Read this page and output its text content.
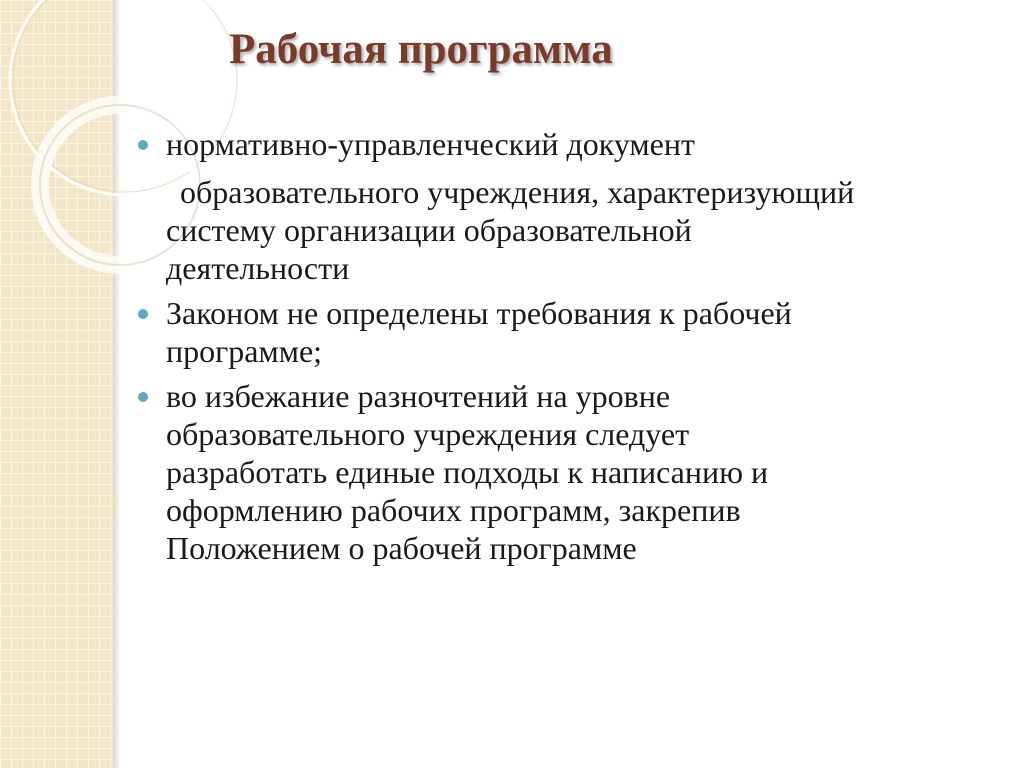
Рабочая программа
нормативно-управленческий документ
образовательного учреждения, характеризующий
систему организации образовательной
деятельности
Законом не определены требования к рабочей
программе;
во избежание разночтений на уровне
образовательного учреждения следует
разработать единые подходы к написанию и
оформлению рабочих программ, закрепив
Положением о рабочей программе
